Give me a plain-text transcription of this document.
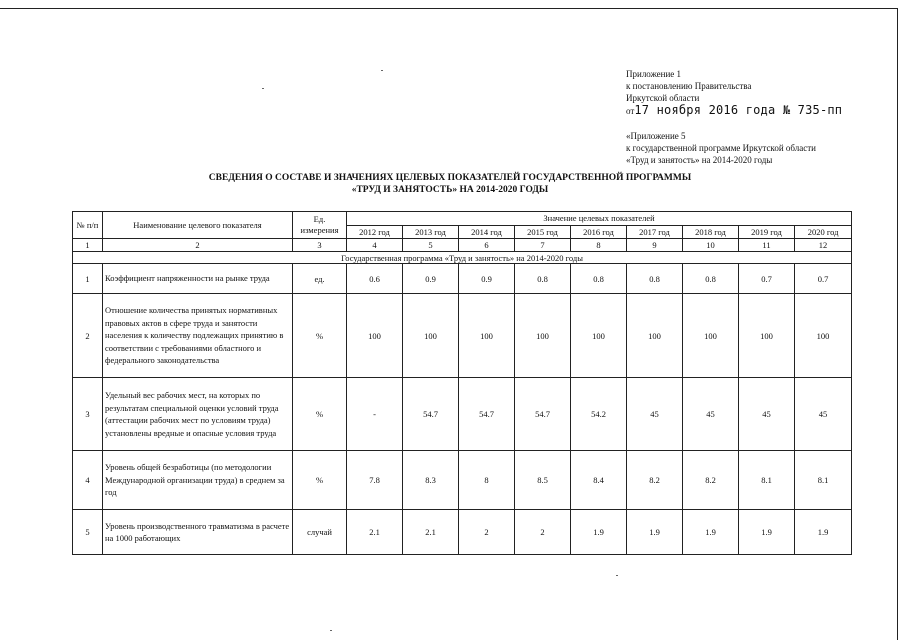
Приложение 1
к постановлению Правительства
Иркутской области
от17 ноября 2016 года № 735-пп
«Приложение 5
к государственной программе Иркутской области
«Труд и занятость» на 2014-2020 годы
СВЕДЕНИЯ О СОСТАВЕ И ЗНАЧЕНИЯХ ЦЕЛЕВЫХ ПОКАЗАТЕЛЕЙ ГОСУДАРСТВЕННОЙ ПРОГРАММЫ
«ТРУД И ЗАНЯТОСТЬ» НА 2014-2020 ГОДЫ
№ п/п	Наименование целевого показателя	Ед. измерения	Значение целевых показателей								
			2012 год	2013 год	2014 год	2015 год	2016 год	2017 год	2018 год	2019 год	2020 год
1	2	3	4	5	6	7	8	9	10	11	12
Государственная программа «Труд и занятость» на 2014-2020 годы											
1	Коэффициент напряженности на рынке труда	ед.	0.6	0.9	0.9	0.8	0.8	0.8	0.8	0.7	0.7
2	Отношение количества принятых нормативных правовых актов в сфере труда и занятости населения к количеству подлежащих принятию в соответствии с требованиями областного и федерального законодательства	%	100	100	100	100	100	100	100	100	100
3	Удельный вес рабочих мест, на которых по результатам специальной оценки условий труда (аттестации рабочих мест по условиям труда) установлены вредные и опасные условия труда	%	-	54.7	54.7	54.7	54.2	45	45	45	45
4	Уровень общей безработицы (по методологии Международной организации труда) в среднем за год	%	7.8	8.3	8	8.5	8.4	8.2	8.2	8.1	8.1
5	Уровень производственного травматизма в расчете на 1000 работающих	случай	2.1	2.1	2	2	1.9	1.9	1.9	1.9	1.9
